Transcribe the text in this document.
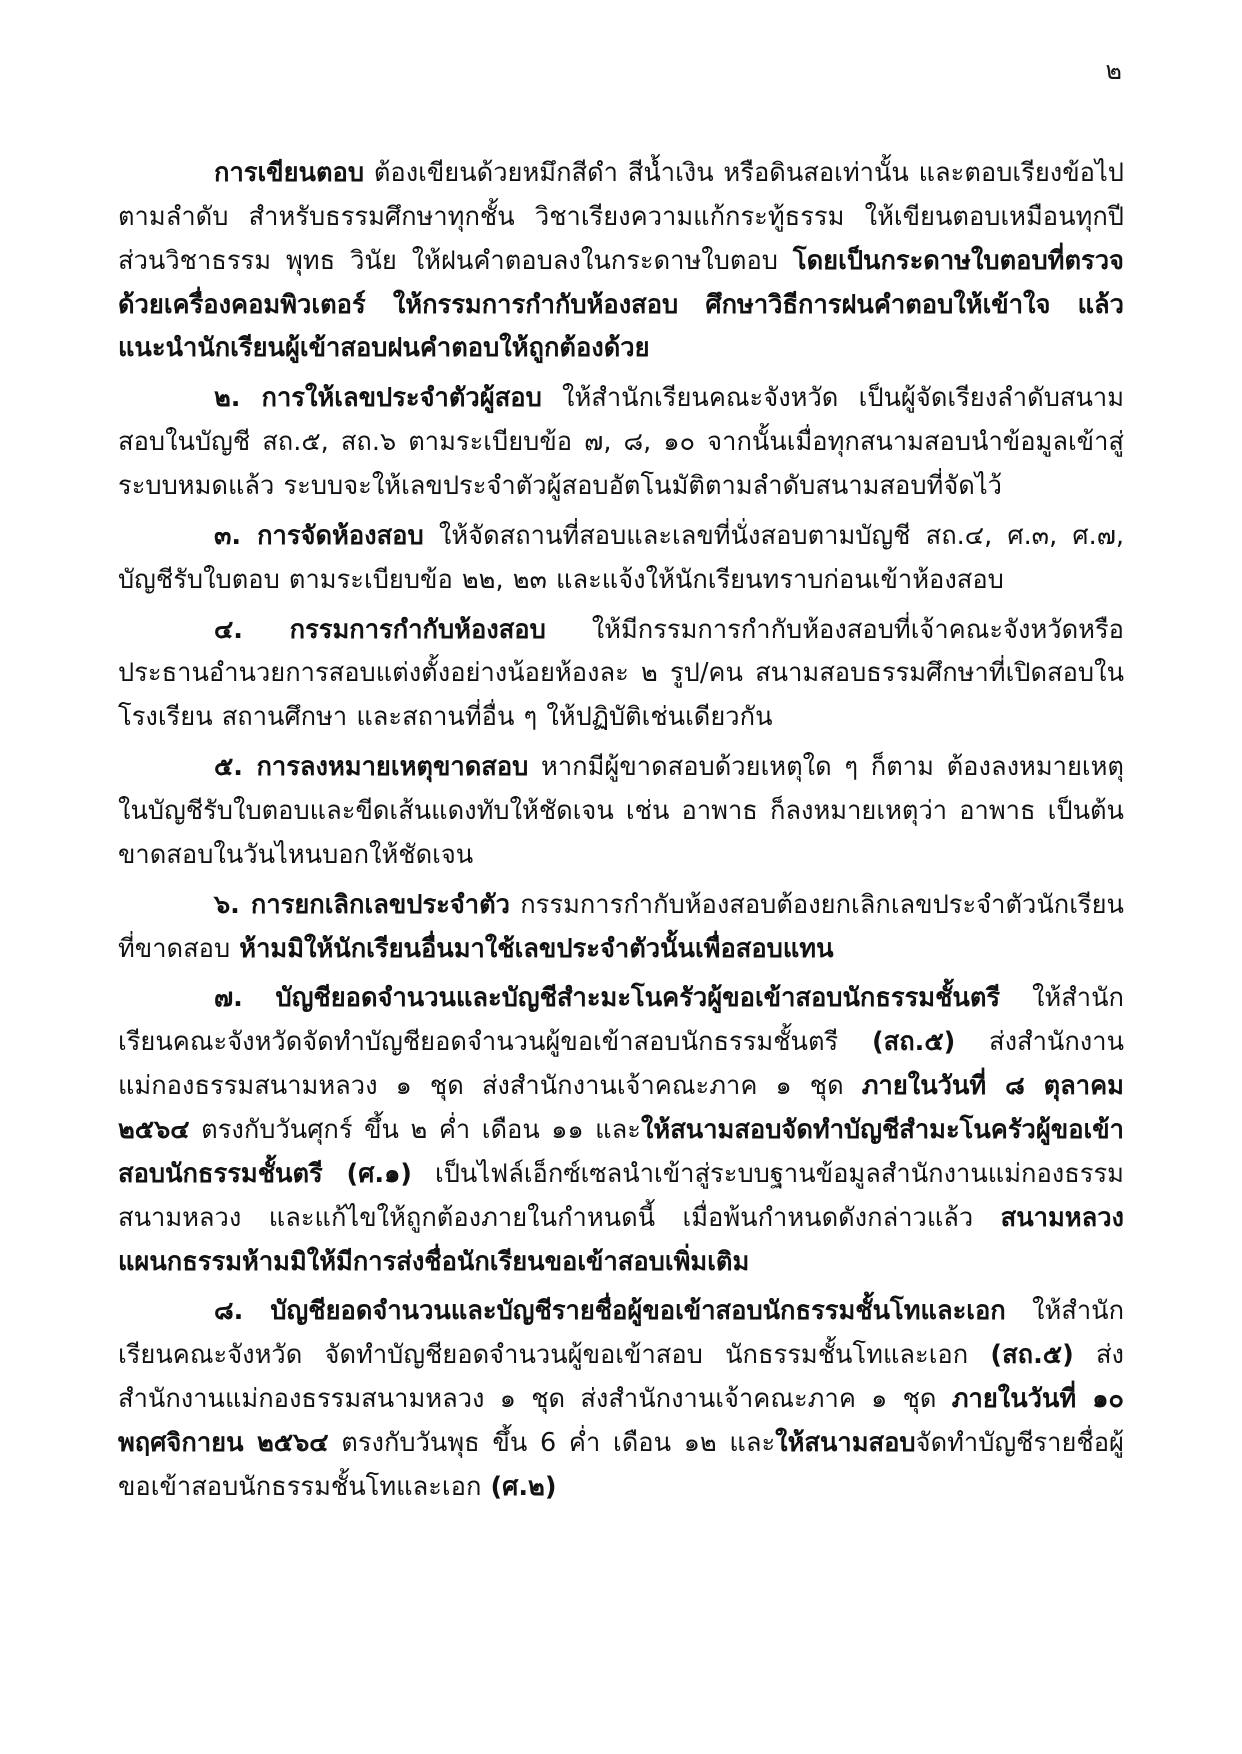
๒

การเขียนตอบ ต้องเขียนด้วยหมึกสีดำ สีน้ำเงิน หรือดินสอเท่านั้น และตอบเรียงข้อไปตามลำดับ สำหรับธรรมศึกษาทุกชั้น วิชาเรียงความแก้กระทู้ธรรม ให้เขียนตอบเหมือนทุกปี ส่วนวิชาธรรม พุทธ วินัย ให้ฝนคำตอบลงในกระดาษใบตอบ โดยเป็นกระดาษใบตอบที่ตรวจด้วยเครื่องคอมพิวเตอร์ ให้กรรมการกำกับห้องสอบ ศึกษาวิธีการฝนคำตอบให้เข้าใจ แล้วแนะนำนักเรียนผู้เข้าสอบฝนคำตอบให้ถูกต้องด้วย

๒. การให้เลขประจำตัวผู้สอบ ให้สำนักเรียนคณะจังหวัด เป็นผู้จัดเรียงลำดับสนามสอบในบัญชี สถ.๕, สถ.๖ ตามระเบียบข้อ ๗, ๘, ๑๐ จากนั้นเมื่อทุกสนามสอบนำข้อมูลเข้าสู่ระบบหมดแล้ว ระบบจะให้เลขประจำตัวผู้สอบอัตโนมัติตามลำดับสนามสอบที่จัดไว้

๓. การจัดห้องสอบ ให้จัดสถานที่สอบและเลขที่นั่งสอบตามบัญชี สถ.๔, ศ.๓, ศ.๗, บัญชีรับใบตอบ ตามระเบียบข้อ ๒๒, ๒๓ และแจ้งให้นักเรียนทราบก่อนเข้าห้องสอบ

๔. กรรมการกำกับห้องสอบ ให้มีกรรมการกำกับห้องสอบที่เจ้าคณะจังหวัดหรือประธานอำนวยการสอบแต่งตั้งอย่างน้อยห้องละ ๒ รูป/คน สนามสอบธรรมศึกษาที่เปิดสอบในโรงเรียน สถานศึกษา และสถานที่อื่น ๆ ให้ปฏิบัติเช่นเดียวกัน

๕. การลงหมายเหตุขาดสอบ หากมีผู้ขาดสอบด้วยเหตุใด ๆ ก็ตาม ต้องลงหมายเหตุในบัญชีรับใบตอบและขีดเส้นแดงทับให้ชัดเจน เช่น อาพาธ ก็ลงหมายเหตุว่า อาพาธ เป็นต้น ขาดสอบในวันไหนบอกให้ชัดเจน

๖. การยกเลิกเลขประจำตัว กรรมการกำกับห้องสอบต้องยกเลิกเลขประจำตัวนักเรียนที่ขาดสอบ ห้ามมิให้นักเรียนอื่นมาใช้เลขประจำตัวนั้นเพื่อสอบแทน

๗. บัญชียอดจำนวนและบัญชีสำะมะโนครัวผู้ขอเข้าสอบนักธรรมชั้นตรี ให้สำนักเรียนคณะจังหวัดจัดทำบัญชียอดจำนวนผู้ขอเข้าสอบนักธรรมชั้นตรี (สถ.๕) ส่งสำนักงานแม่กองธรรมสนามหลวง ๑ ชุด ส่งสำนักงานเจ้าคณะภาค ๑ ชุด ภายในวันที่ ๘ ตุลาคม ๒๕๖๔ ตรงกับวันศุกร์ ขึ้น ๒ ค่ำ เดือน ๑๑ และให้สนามสอบจัดทำบัญชีสำมะโนครัวผู้ขอเข้าสอบนักธรรมชั้นตรี (ศ.๑) เป็นไฟล์เอ็กซ์เซลนำเข้าสู่ระบบฐานข้อมูลสำนักงานแม่กองธรรมสนามหลวง และแก้ไขให้ถูกต้องภายในกำหนดนี้ เมื่อพ้นกำหนดดังกล่าวแล้ว สนามหลวงแผนกธรรมห้ามมิให้มีการส่งชื่อนักเรียนขอเข้าสอบเพิ่มเติม

๘. บัญชียอดจำนวนและบัญชีรายชื่อผู้ขอเข้าสอบนักธรรมชั้นโทและเอก ให้สำนักเรียนคณะจังหวัด จัดทำบัญชียอดจำนวนผู้ขอเข้าสอบ นักธรรมชั้นโทและเอก (สถ.๕) ส่งสำนักงานแม่กองธรรมสนามหลวง ๑ ชุด ส่งสำนักงานเจ้าคณะภาค ๑ ชุด ภายในวันที่ ๑๐ พฤศจิกายน ๒๕๖๔ ตรงกับวันพุธ ขึ้น 6 ค่ำ เดือน ๑๒ และให้สนามสอบจัดทำบัญชีรายชื่อผู้ขอเข้าสอบนักธรรมชั้นโทและเอก (ศ.๒)
